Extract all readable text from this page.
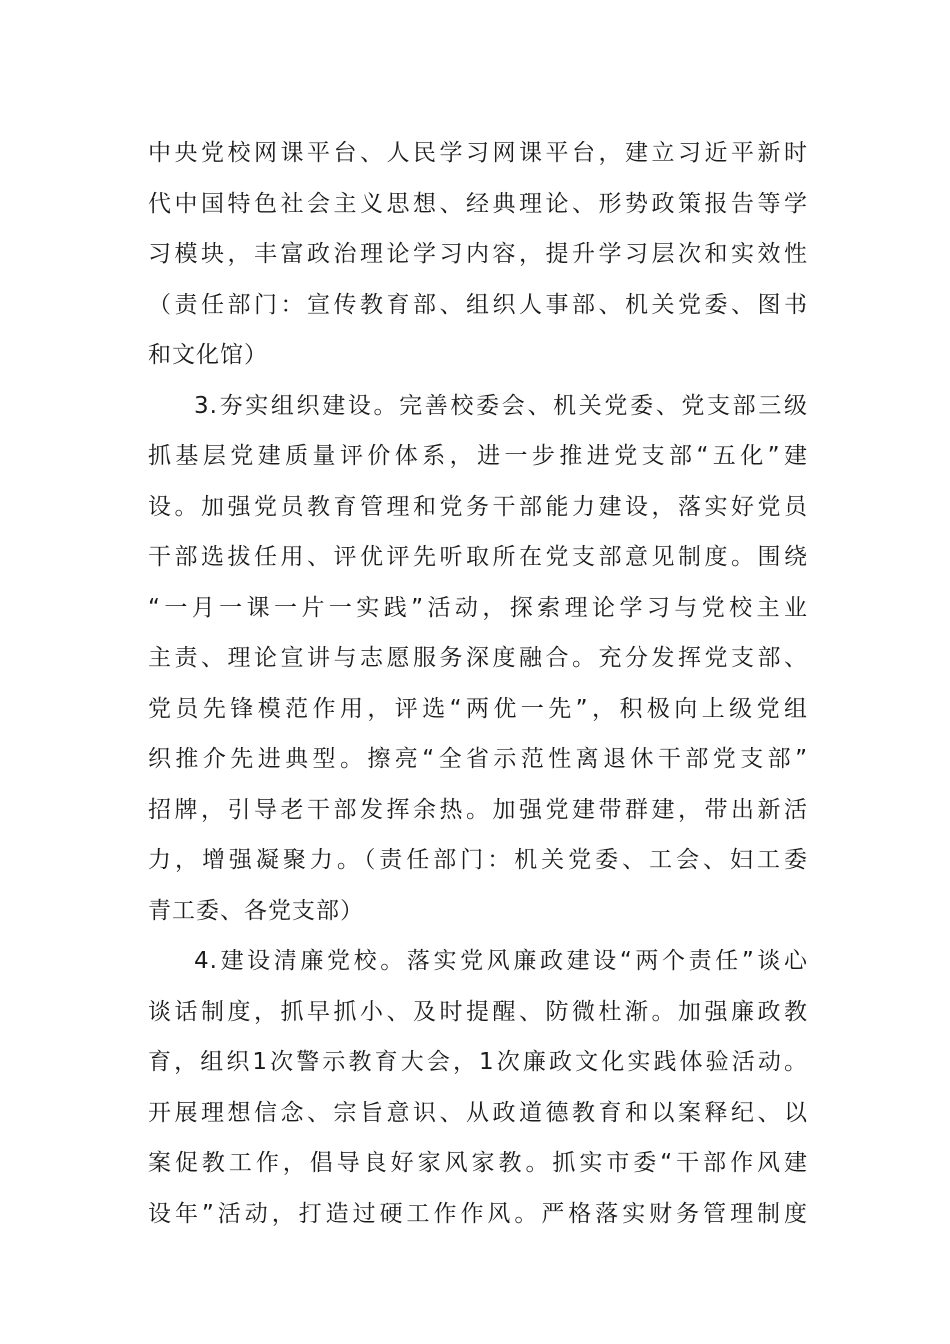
中央党校网课平台、人民学习网课平台，建立习近平新时
代中国特色社会主义思想、经典理论、形势政策报告等学
习模块，丰富政治理论学习内容，提升学习层次和实效性
（责任部门：宣传教育部、组织人事部、机关党委、图书
和文化馆）
3.夯实组织建设。完善校委会、机关党委、党支部三级
抓基层党建质量评价体系，进一步推进党支部“五化”建
设。加强党员教育管理和党务干部能力建设，落实好党员
干部选拔任用、评优评先听取所在党支部意见制度。围绕
“一月一课一片一实践”活动，探索理论学习与党校主业
主责、理论宣讲与志愿服务深度融合。充分发挥党支部、
党员先锋模范作用，评选“两优一先”，积极向上级党组
织推介先进典型。擦亮“全省示范性离退休干部党支部”
招牌，引导老干部发挥余热。加强党建带群建，带出新活
力，增强凝聚力。（责任部门：机关党委、工会、妇工委
青工委、各党支部）
4.建设清廉党校。落实党风廉政建设“两个责任”谈心
谈话制度，抓早抓小、及时提醒、防微杜渐。加强廉政教
育，组织1次警示教育大会，1次廉政文化实践体验活动。
开展理想信念、宗旨意识、从政道德教育和以案释纪、以
案促教工作，倡导良好家风家教。抓实市委“干部作风建
设年”活动，打造过硬工作作风。严格落实财务管理制度
